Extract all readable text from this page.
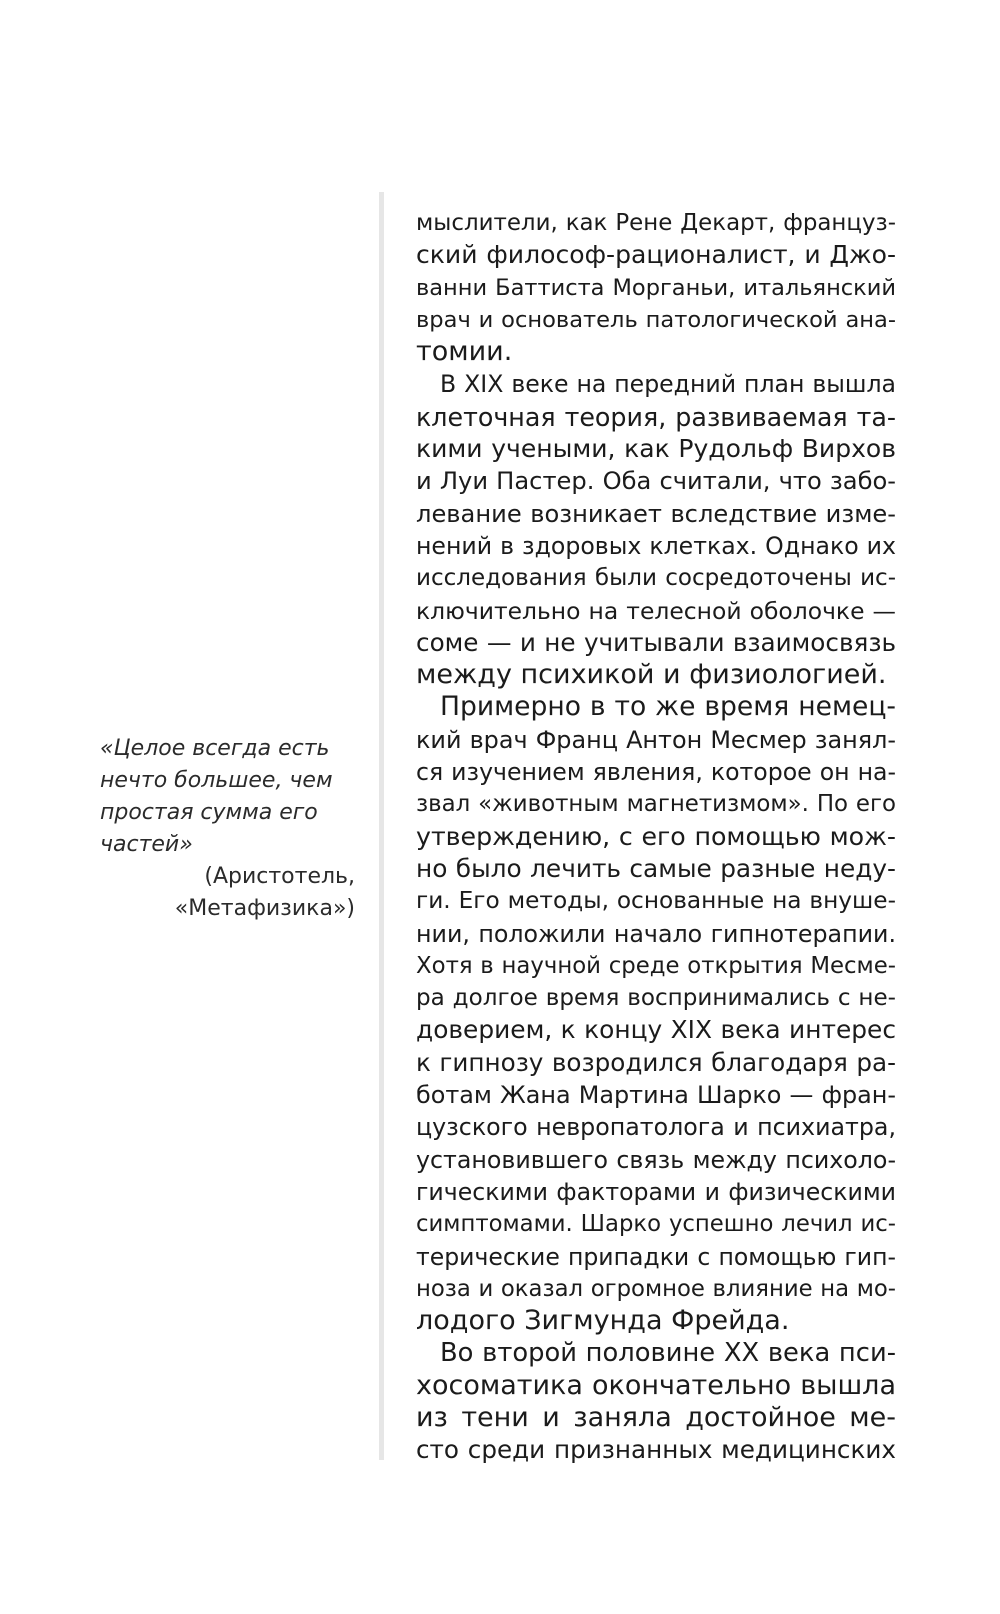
«Целое всегда есть
нечто большее, чем
простая сумма его
частей»
(Аристотель,
«Метафизика»)
мыслители, как Рене Декарт, француз-
ский философ-рационалист, и Джо-
ванни Баттиста Морганьи, итальянский
врач и основатель патологической ана-
томии.
В XIX веке на передний план вышла
клеточная теория, развиваемая та-
кими учеными, как Рудольф Вирхов
и Луи Пастер. Оба считали, что забо-
левание возникает вследствие изме-
нений в здоровых клетках. Однако их
исследования были сосредоточены ис-
ключительно на телесной оболочке —
соме — и не учитывали взаимосвязь
между психикой и физиологией.
Примерно в то же время немец-
кий врач Франц Антон Месмер занял-
ся изучением явления, которое он на-
звал «животным магнетизмом». По его
утверждению, с его помощью мож-
но было лечить самые разные неду-
ги. Его методы, основанные на внуше-
нии, положили начало гипнотерапии.
Хотя в научной среде открытия Месме-
ра долгое время воспринимались с не-
доверием, к концу XIX века интерес
к гипнозу возродился благодаря ра-
ботам Жана Мартина Шарко — фран-
цузского невропатолога и психиатра,
установившего связь между психоло-
гическими факторами и физическими
симптомами. Шарко успешно лечил ис-
терические припадки с помощью гип-
ноза и оказал огромное влияние на мо-
лодого Зигмунда Фрейда.
Во второй половине XX века пси-
хосоматика окончательно вышла
из тени и заняла достойное ме-
сто среди признанных медицинских
